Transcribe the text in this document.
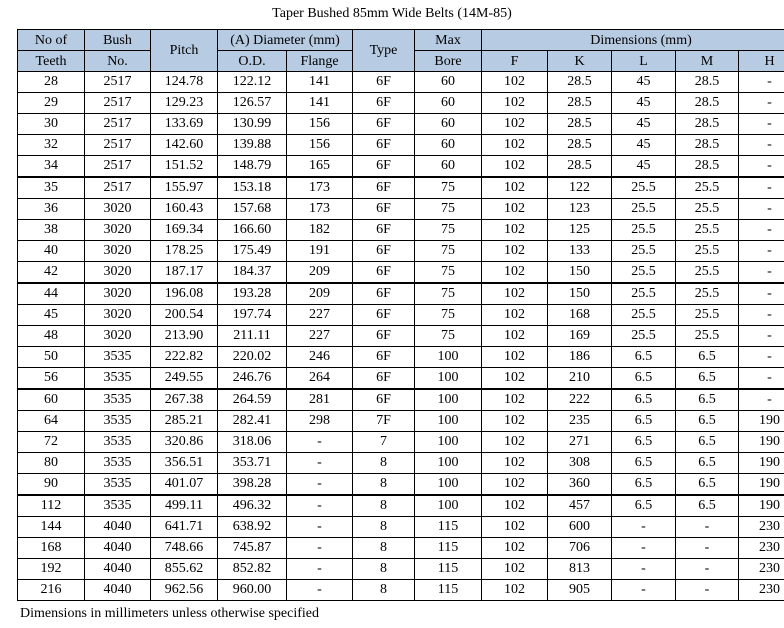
Taper Bushed 85mm Wide Belts (14M-85)
No of	Bush	Pitch	(A) Diameter (mm)		Type	Max	Dimensions (mm)				
Teeth	No.		O.D.	Flange		Bore	F	K	L	M	H
28	2517	124.78	122.12	141	6F	60	102	28.5	45	28.5	-
29	2517	129.23	126.57	141	6F	60	102	28.5	45	28.5	-
30	2517	133.69	130.99	156	6F	60	102	28.5	45	28.5	-
32	2517	142.60	139.88	156	6F	60	102	28.5	45	28.5	-
34	2517	151.52	148.79	165	6F	60	102	28.5	45	28.5	-
35	2517	155.97	153.18	173	6F	75	102	122	25.5	25.5	-
36	3020	160.43	157.68	173	6F	75	102	123	25.5	25.5	-
38	3020	169.34	166.60	182	6F	75	102	125	25.5	25.5	-
40	3020	178.25	175.49	191	6F	75	102	133	25.5	25.5	-
42	3020	187.17	184.37	209	6F	75	102	150	25.5	25.5	-
44	3020	196.08	193.28	209	6F	75	102	150	25.5	25.5	-
45	3020	200.54	197.74	227	6F	75	102	168	25.5	25.5	-
48	3020	213.90	211.11	227	6F	75	102	169	25.5	25.5	-
50	3535	222.82	220.02	246	6F	100	102	186	6.5	6.5	-
56	3535	249.55	246.76	264	6F	100	102	210	6.5	6.5	-
60	3535	267.38	264.59	281	6F	100	102	222	6.5	6.5	-
64	3535	285.21	282.41	298	7F	100	102	235	6.5	6.5	190
72	3535	320.86	318.06	-	7	100	102	271	6.5	6.5	190
80	3535	356.51	353.71	-	8	100	102	308	6.5	6.5	190
90	3535	401.07	398.28	-	8	100	102	360	6.5	6.5	190
112	3535	499.11	496.32	-	8	100	102	457	6.5	6.5	190
144	4040	641.71	638.92	-	8	115	102	600	-	-	230
168	4040	748.66	745.87	-	8	115	102	706	-	-	230
192	4040	855.62	852.82	-	8	115	102	813	-	-	230
216	4040	962.56	960.00	-	8	115	102	905	-	-	230
Dimensions in millimeters unless otherwise specified
